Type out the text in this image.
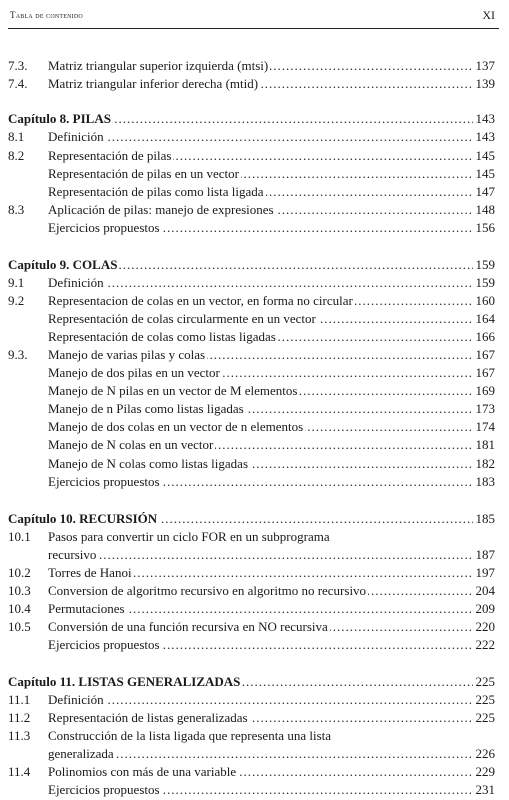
Tabla de contenido	XI
7.3. ..... Matriz triangular superior izquierda (mtsi)	137
7.4. ..... Matriz triangular inferior derecha (mtid)	139
.....
Capítulo 8. PILAS	143
8.1 ..... Definición	143
8.2 ..... Representación de pilas	145
.....
Representación de pilas en un vector	145
.....
Representación de pilas como lista ligada	147
8.3 ..... Aplicación de pilas: manejo de expresiones	148
.....
Ejercicios propuestos	156
.....
Capítulo 9. COLAS	159
9.1 ..... Definición	159
9.2 ..... Representacion de colas en un vector, en forma no circular	160
.....
Representación de colas circularmente en un vector	164
.....
Representación de colas como listas ligadas	166
9.3. ..... Manejo de varias pilas y colas	167
.....
Manejo de dos pilas en un vector	167
.....
Manejo de N pilas en un vector de M elementos	169
.....
Manejo de n Pilas como listas ligadas	173
.....
Manejo de dos colas en un vector de n elementos	174
.....
Manejo de N colas en un vector	181
.....
Manejo de N colas como listas ligadas	182
.....
Ejercicios propuestos	183
.....
Capítulo 10. RECURSIÓN	185
10.1 Pasos para convertir un ciclo FOR en un subprograma
.....
recursivo	187
10.2 ..... Torres de Hanoi	197
10.3 ..... Conversion de algoritmo recursivo en algoritmo no recursivo	204
10.4 ..... Permutaciones	209
10.5 ..... Conversión de una función recursiva en NO recursiva	220
.....
Ejercicios propuestos	222
.....
Capítulo 11. LISTAS GENERALIZADAS	225
11.1 ..... Definición	225
11.2 ..... Representación de listas generalizadas	225
11.3 Construcción de la lista ligada que representa una lista
.....
generalizada	226
11.4 ..... Polinomios con más de una variable	229
.....
Ejercicios propuestos	231
